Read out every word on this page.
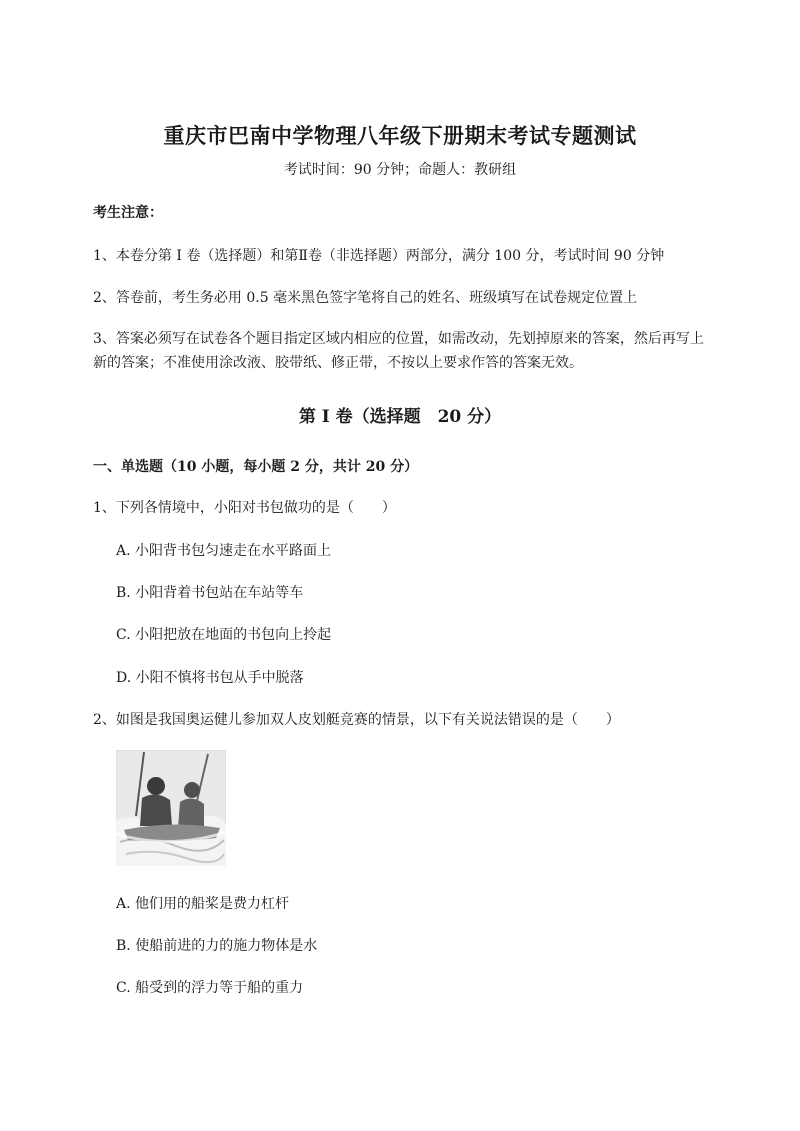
重庆市巴南中学物理八年级下册期末考试专题测试
考试时间：90 分钟；命题人：教研组
考生注意：
1、本卷分第 I 卷（选择题）和第Ⅱ卷（非选择题）两部分，满分 100 分，考试时间 90 分钟
2、答卷前，考生务必用 0.5 毫米黑色签字笔将自己的姓名、班级填写在试卷规定位置上
3、答案必须写在试卷各个题目指定区域内相应的位置，如需改动，先划掉原来的答案，然后再写上新的答案；不准使用涂改液、胶带纸、修正带，不按以上要求作答的答案无效。
第 I 卷（选择题　20 分）
一、单选题（10 小题，每小题 2 分，共计 20 分）
1、下列各情境中，小阳对书包做功的是（　　）
A. 小阳背书包匀速走在水平路面上
B. 小阳背着书包站在车站等车
C. 小阳把放在地面的书包向上拎起
D. 小阳不慎将书包从手中脱落
2、如图是我国奥运健儿参加双人皮划艇竞赛的情景，以下有关说法错误的是（　　）
A. 他们用的船桨是费力杠杆
B. 使船前进的力的施力物体是水
C. 船受到的浮力等于船的重力
